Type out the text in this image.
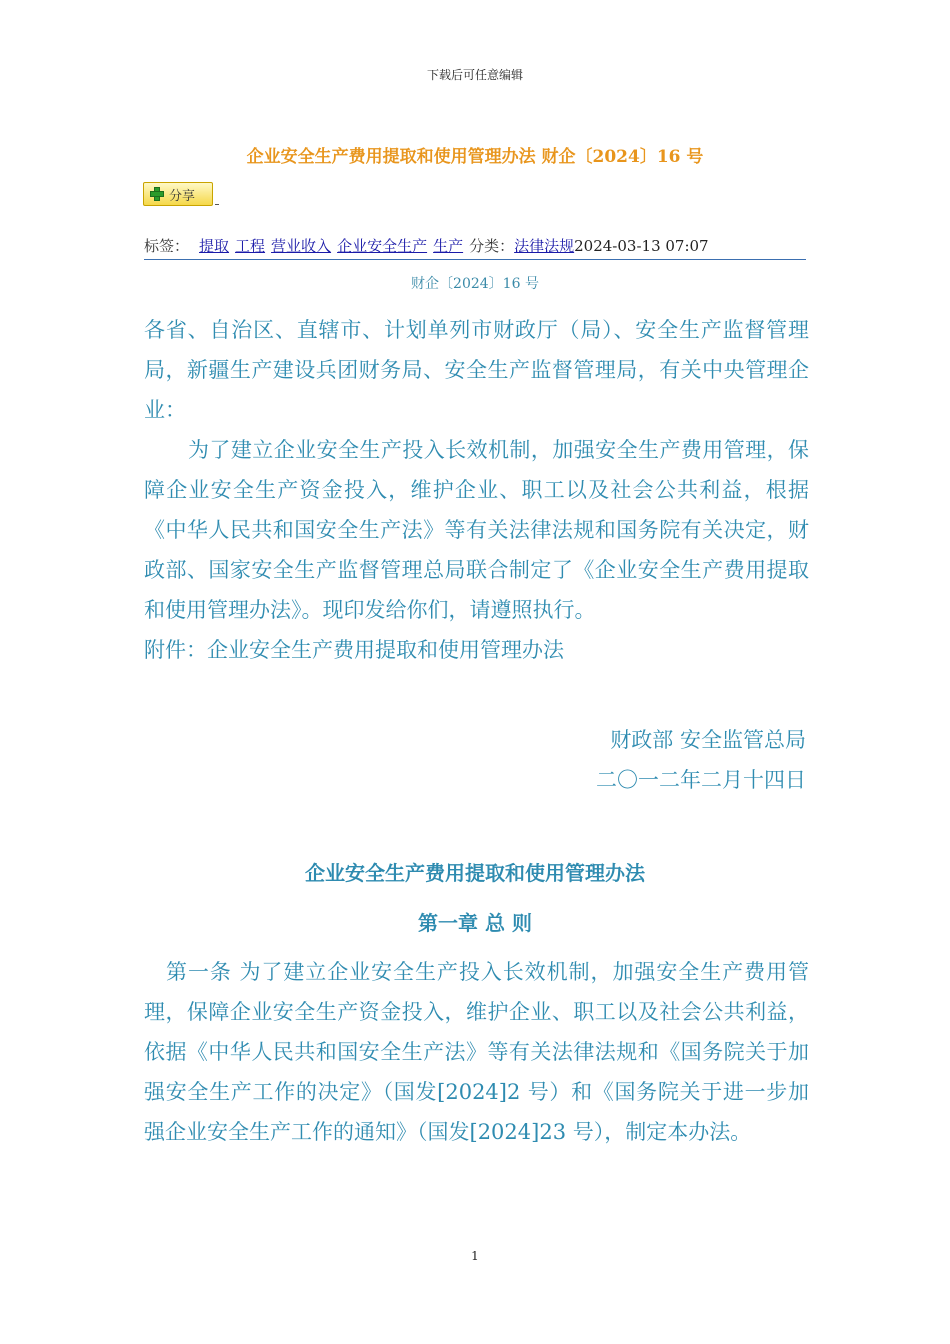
下载后可任意编辑
企业安全生产费用提取和使用管理办法 财企〔2024〕16 号
分享
标签： 提取 工程 营业收入 企业安全生产 生产 分类：法律法规2024-03-13 07:07
财企〔2024〕16 号

各省、自治区、直辖市、计划单列市财政厅（局）、安全生产监督管理局，新疆生产建设兵团财务局、安全生产监督管理局，有关中央管理企业：

为了建立企业安全生产投入长效机制，加强安全生产费用管理，保障企业安全生产资金投入，维护企业、职工以及社会公共利益，根据《中华人民共和国安全生产法》等有关法律法规和国务院有关决定，财政部、国家安全生产监督管理总局联合制定了《企业安全生产费用提取和使用管理办法》。现印发给你们，请遵照执行。

附件：企业安全生产费用提取和使用管理办法

财政部 安全监管总局
二〇一二年二月十四日
企业安全生产费用提取和使用管理办法
第一章 总 则

第一条 为了建立企业安全生产投入长效机制，加强安全生产费用管理，保障企业安全生产资金投入，维护企业、职工以及社会公共利益，依据《中华人民共和国安全生产法》等有关法律法规和《国务院关于加强安全生产工作的决定》（国发[2024]2 号）和《国务院关于进一步加强企业安全生产工作的通知》（国发[2024]23 号），制定本办法。

1
